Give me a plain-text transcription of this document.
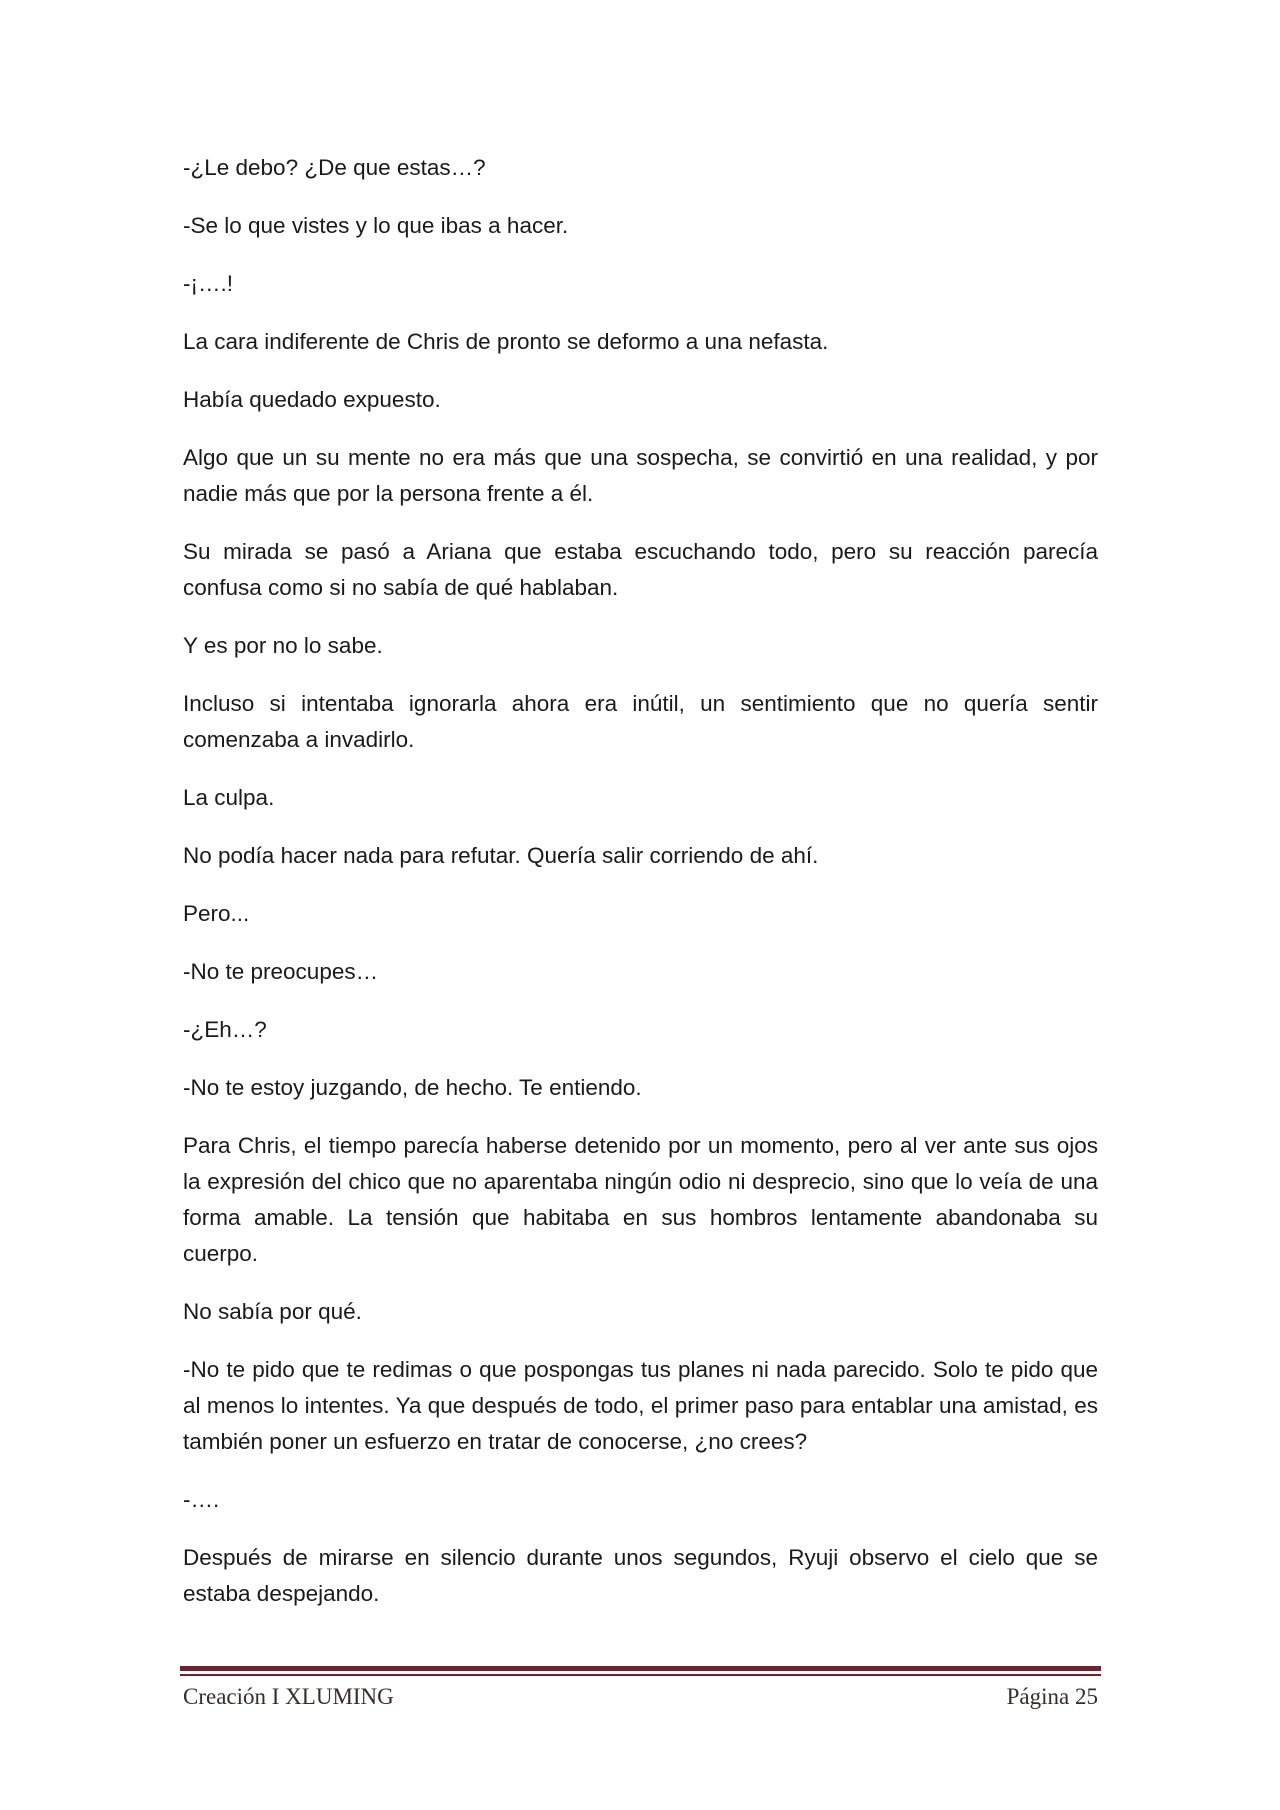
-¿Le debo? ¿De que estas…?

-Se lo que vistes y lo que ibas a hacer.

-¡….!

La cara indiferente de Chris de pronto se deformo a una nefasta.

Había quedado expuesto.

Algo que un su mente no era más que una sospecha, se convirtió en una realidad, y por nadie más que por la persona frente a él.

Su mirada se pasó a Ariana que estaba escuchando todo, pero su reacción parecía confusa como si no sabía de qué hablaban.

Y es por no lo sabe.

Incluso si intentaba ignorarla ahora era inútil, un sentimiento que no quería sentir comenzaba a invadirlo.

La culpa.

No podía hacer nada para refutar. Quería salir corriendo de ahí.

Pero...

-No te preocupes…

-¿Eh…?

-No te estoy juzgando, de hecho. Te entiendo.

Para Chris, el tiempo parecía haberse detenido por un momento, pero al ver ante sus ojos la expresión del chico que no aparentaba ningún odio ni desprecio, sino que lo veía de una forma amable. La tensión que habitaba en sus hombros lentamente abandonaba su cuerpo.

No sabía por qué.

-No te pido que te redimas o que pospongas tus planes ni nada parecido. Solo te pido que al menos lo intentes. Ya que después de todo, el primer paso para entablar una amistad, es también poner un esfuerzo en tratar de conocerse, ¿no crees?

-….

Después de mirarse en silencio durante unos segundos, Ryuji observo el cielo que se estaba despejando.

Creación I XLUMING	Página 25
